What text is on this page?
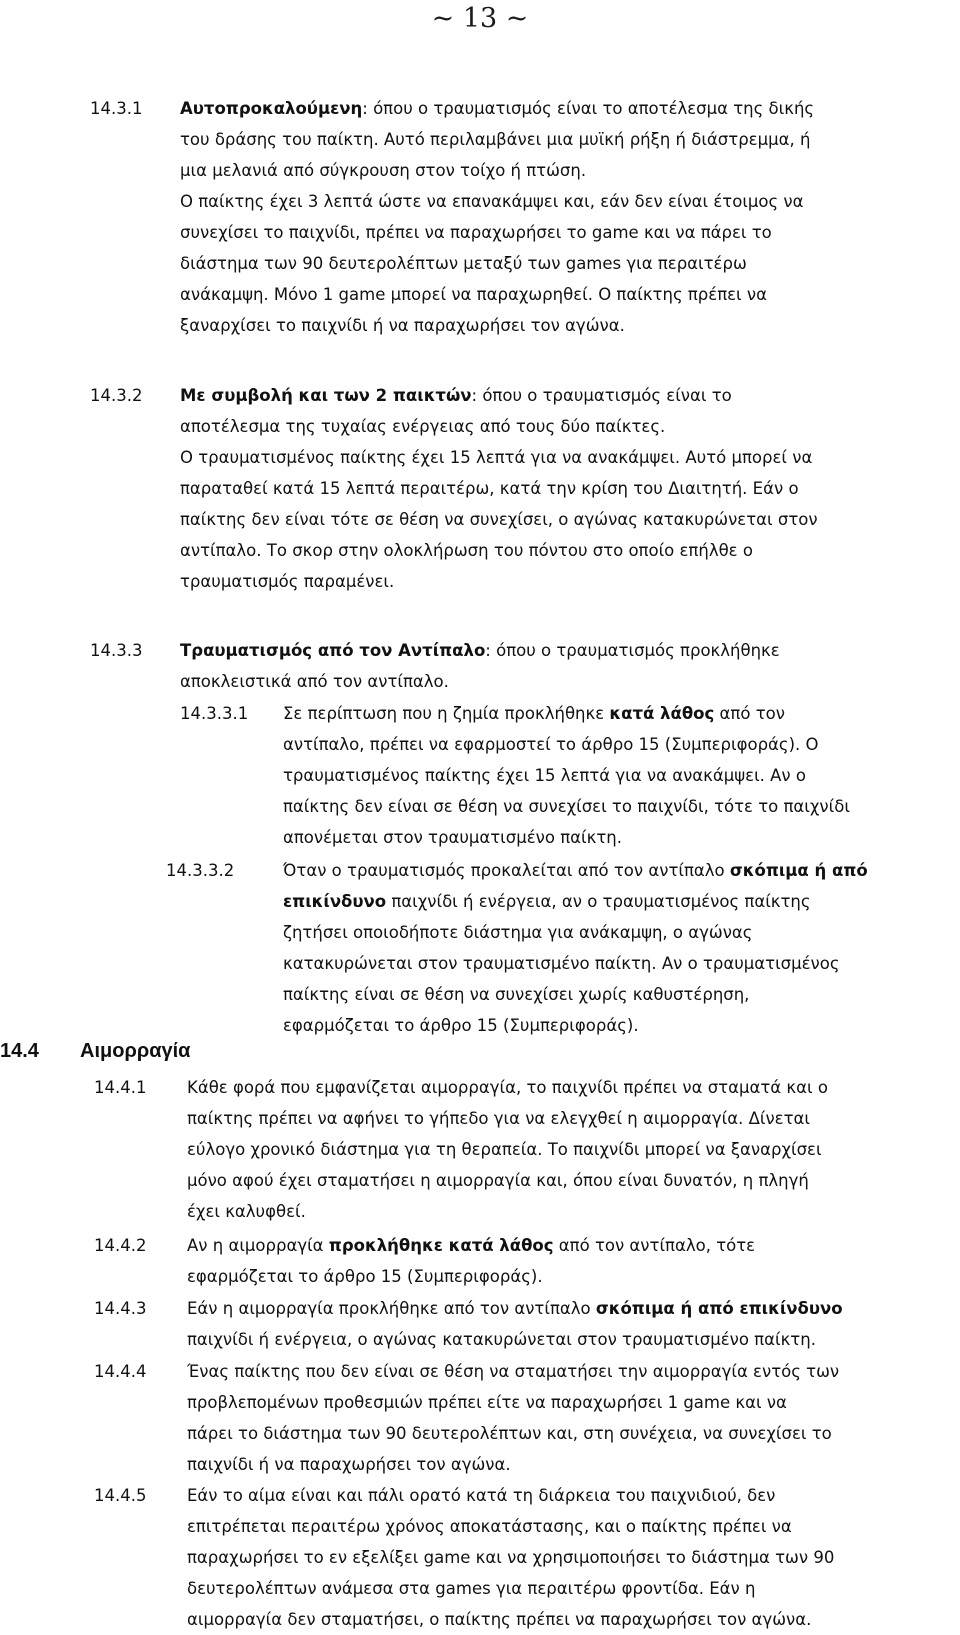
~ 13 ~
14.3.1 Αυτοπροκαλούμενη: όπου ο τραυματισμός είναι το αποτέλεσμα της δικής
του δράσης του παίκτη. Αυτό περιλαμβάνει μια μυϊκή ρήξη ή διάστρεμμα, ή
μια μελανιά από σύγκρουση στον τοίχο ή πτώση.
Ο παίκτης έχει 3 λεπτά ώστε να επανακάμψει και, εάν δεν είναι έτοιμος να
συνεχίσει το παιχνίδι, πρέπει να παραχωρήσει το game και να πάρει το
διάστημα των 90 δευτερολέπτων μεταξύ των games για περαιτέρω
ανάκαμψη. Μόνο 1 game μπορεί να παραχωρηθεί. Ο παίκτης πρέπει να
ξαναρχίσει το παιχνίδι ή να παραχωρήσει τον αγώνα.
14.3.2 Με συμβολή και των 2 παικτών: όπου ο τραυματισμός είναι το
αποτέλεσμα της τυχαίας ενέργειας από τους δύο παίκτες.
Ο τραυματισμένος παίκτης έχει 15 λεπτά για να ανακάμψει. Αυτό μπορεί να
παραταθεί κατά 15 λεπτά περαιτέρω, κατά την κρίση του Διαιτητή. Εάν ο
παίκτης δεν είναι τότε σε θέση να συνεχίσει, ο αγώνας κατακυρώνεται στον
αντίπαλο. Το σκορ στην ολοκλήρωση του πόντου στο οποίο επήλθε ο
τραυματισμός παραμένει.
14.3.3 Τραυματισμός από τον Αντίπαλο: όπου ο τραυματισμός προκλήθηκε
αποκλειστικά από τον αντίπαλο.
14.3.3.1 Σε περίπτωση που η ζημία προκλήθηκε κατά λάθος από τον
αντίπαλο, πρέπει να εφαρμοστεί το άρθρο 15 (Συμπεριφοράς). Ο
τραυματισμένος παίκτης έχει 15 λεπτά για να ανακάμψει. Αν ο
παίκτης δεν είναι σε θέση να συνεχίσει το παιχνίδι, τότε το παιχνίδι
απονέμεται στον τραυματισμένο παίκτη.
14.3.3.2	Όταν ο τραυματισμός προκαλείται από τον αντίπαλο σκόπιμα ή από
επικίνδυνο παιχνίδι ή ενέργεια, αν ο τραυματισμένος παίκτης
ζητήσει οποιοδήποτε διάστημα για ανάκαμψη, ο αγώνας
κατακυρώνεται στον τραυματισμένο παίκτη. Αν ο τραυματισμένος
παίκτης είναι σε θέση να συνεχίσει χωρίς καθυστέρηση,
εφαρμόζεται το άρθρο 15 (Συμπεριφοράς).
14.4 Αιμορραγία
14.4.1 Κάθε φορά που εμφανίζεται αιμορραγία, το παιχνίδι πρέπει να σταματά και ο
παίκτης πρέπει να αφήνει το γήπεδο για να ελεγχθεί η αιμορραγία. Δίνεται
εύλογο χρονικό διάστημα για τη θεραπεία. Το παιχνίδι μπορεί να ξαναρχίσει
μόνο αφού έχει σταματήσει η αιμορραγία και, όπου είναι δυνατόν, η πληγή
έχει καλυφθεί.
14.4.2 Αν η αιμορραγία προκλήθηκε κατά λάθος από τον αντίπαλο, τότε
εφαρμόζεται το άρθρο 15 (Συμπεριφοράς).
14.4.3 Εάν η αιμορραγία προκλήθηκε από τον αντίπαλο σκόπιμα ή από επικίνδυνο
παιχνίδι ή ενέργεια, ο αγώνας κατακυρώνεται στον τραυματισμένο παίκτη.
14.4.4 Ένας παίκτης που δεν είναι σε θέση να σταματήσει την αιμορραγία εντός των
προβλεπομένων προθεσμιών πρέπει είτε να παραχωρήσει 1 game και να
πάρει το διάστημα των 90 δευτερολέπτων και, στη συνέχεια, να συνεχίσει το
παιχνίδι ή να παραχωρήσει τον αγώνα.
14.4.5 Εάν το αίμα είναι και πάλι ορατό κατά τη διάρκεια του παιχνιδιού, δεν
επιτρέπεται περαιτέρω χρόνος αποκατάστασης, και ο παίκτης πρέπει να
παραχωρήσει το εν εξελίξει game και να χρησιμοποιήσει το διάστημα των 90
δευτερολέπτων ανάμεσα στα games για περαιτέρω φροντίδα. Εάν η
αιμορραγία δεν σταματήσει, ο παίκτης πρέπει να παραχωρήσει τον αγώνα.
